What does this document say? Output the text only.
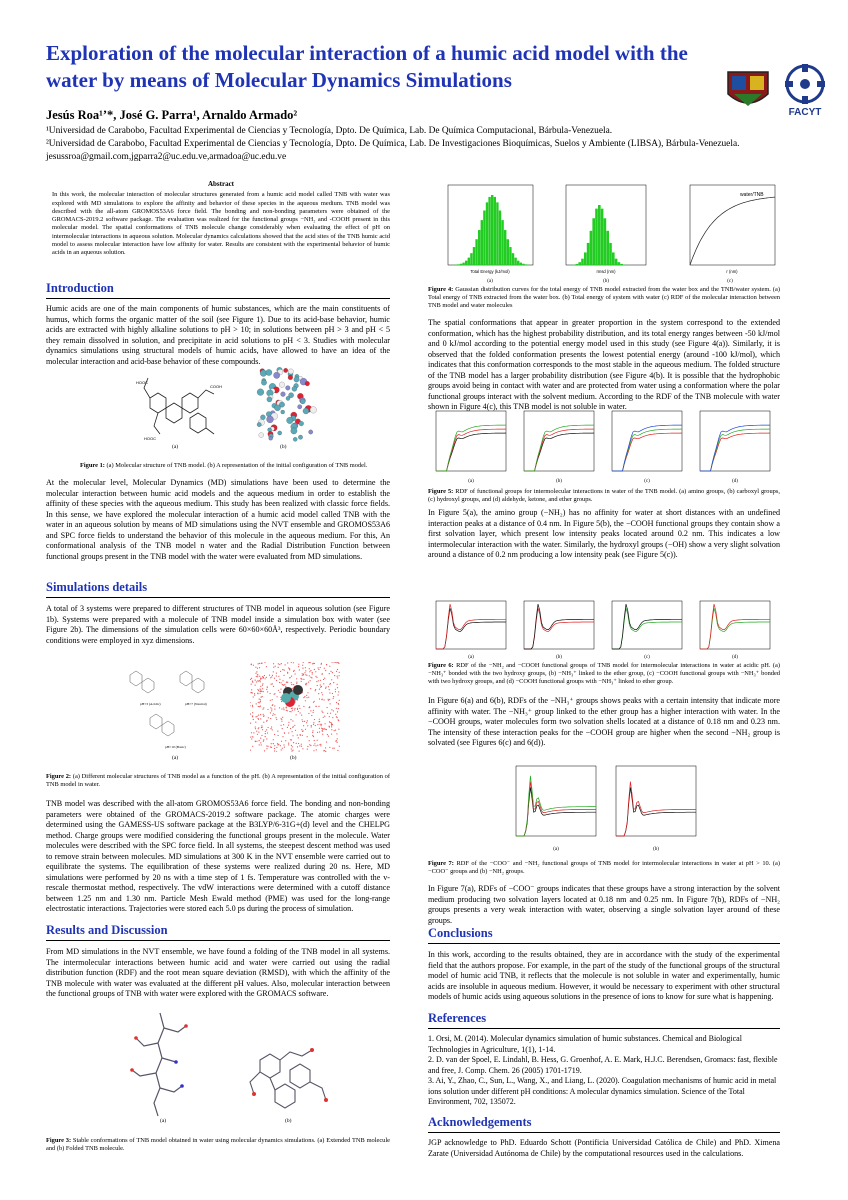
Exploration of the molecular interaction of a humic acid model with the water by means of Molecular Dynamics Simulations
FACYT
Jesús Roa¹ʼ*, José G. Parra¹, Arnaldo Armado²
¹Universidad de Carabobo, Facultad Experimental de Ciencias y Tecnología, Dpto. De Química, Lab. De Química Computacional, Bárbula-Venezuela.
²Universidad de Carabobo, Facultad Experimental de Ciencias y Tecnología, Dpto. De Química, Lab. De Investigaciones Bioquímicas, Suelos y Ambiente (LIBSA), Bárbula-Venezuela.
jesussroa@gmail.com,jgparra2@uc.edu.ve,armadoa@uc.edu.ve
Abstract
In this work, the molecular interaction of molecular structures generated from a humic acid model called TNB with water was explored with MD simulations to explore the affinity and behavior of these species in the aqueous medium. TNB model was described with the all-atom GROMOS53A6 force field. The bonding and non-bonding parameters were obtained of the GROMACS-2019.2 software package. The evaluation was realized for the functional groups −NH₂ and -COOH present in this molecular model. The spatial conformations of TNB molecule change considerably when evaluating the effect of pH on intermolecular interactions in aqueous solution. Molecular dynamics calculations showed that the acid sites of the TNB humic acid model to assess molecular interaction have low affinity for water. Results are consistent with the experimental behavior of humic acids in an aqueous solution.
Introduction
Humic acids are one of the main components of humic substances, which are the main constituents of humus, which forms the organic matter of the soil (see Figure 1). Due to its acid-base behavior, humic acids are extracted with highly alkaline solutions to pH > 10; in solutions between pH > 3 and pH < 5 they remain dissolved in solution, and precipitate in acid solutions to pH < 3. Studies with molecular dynamics simulations using structural models of humic acids, have allowed to have an idea of the molecular interaction and acid-base behavior of these compounds.
HOOC
COOH
HOOC
(a)	(b)
Figure 1: (a) Molecular structure of TNB model. (b) A representation of the initial configuration of TNB model.
At the molecular level, Molecular Dynamics (MD) simulations have been used to determine the molecular interaction between humic acid models and the aqueous medium in order to establish the affinity of these species with the aqueous medium. This study has been realized with classic force fields. In this sense, we have explored the molecular interaction of a humic acid model called TNB with the water in an aqueous solution by means of MD simulations using the NVT ensemble and GROMOS53A6 and SPC force fields to understand the behavior of this molecule in the aqueous medium. For this, An conformational analysis of the TNB model n water and the Radial Distribution Function between functional groups present in the TNB model with the water were evaluated from MD simulations.
Simulations details
A total of 3 systems were prepared to different structures of TNB model in aqueous solution (see Figure 1b). Systems were prepared with a molecule of TNB model inside a simulation box with water (see Figure 2b). The dimensions of the simulation cells were 60×60×60Å³, respectively. Periodic boundary conditions were employed in xyz dimensions.
pH<3 (Acidic)	pH>7 (Neutral)
pH>10 (Basic)
(a)	(b)
Figure 2: (a) Different molecular structures of TNB model as a function of the pH. (b) A representation of the initial configuration of TNB model in water.
TNB model was described with the all-atom GROMOS53A6 force field. The bonding and non-bonding parameters were obtained of the GROMACS-2019.2 software package. The atomic charges were determined using the GAMESS-US software package at the B3LYP/6-31G+(d) level and the CHELPG method. Charge groups were modified considering the functional groups present in the molecule. Water molecules were described with the SPC force field. In all systems, the steepest descent method was used to remove strain between molecules. MD simulations at 300 K in the NVT ensemble were carried out to equilibrate the systems. The equilibration of these systems were realized during 20 ns. Here, MD simulations were performed by 20 ns with a time step of 1 fs. Temperature was controlled with the v-rescale thermostat method, respectively. The vdW interactions were determined with a cutoff distance between 1.25 nm and 1.30 nm. Particle Mesh Ewald method (PME) was used for the long-range electrostatic interactions. Trajectories were stored each 5.0 ps during the process of simulation.
Results and Discussion
From MD simulations in the NVT ensemble, we have found a folding of the TNB model in all systems. The intermolecular interactions between humic acid and water were carried out using the radial distribution function (RDF) and the root mean square deviation (RMSD), with which the affinity of the TNB molecule with water was evaluated at the different pH values. Also, molecular interaction between the functional groups of TNB with water were explored with the GROMACS software.
(a)	(b)
Figure 3: Stable conformations of TNB model obtained in water using molecular dynamics simulations. (a) Extended TNB molecule and (b) Folded TNB molecule.
(a)	(b)	(c)
Total Energy (kJ/mol)	rmsd (nm)	r (nm)
water/TNB
Figure 4: Gaussian distribution curves for the total energy of TNB model extracted from the water box and the TNB/water system. (a) Total energy of TNB extracted from the water box. (b) Total energy of system with water (c) RDF of the molecular interaction between TNB model and water molecules
The spatial conformations that appear in greater proportion in the system correspond to the extended conformation, which has the highest probability distribution, and its total energy ranges between -50 kJ/mol and 0 kJ/mol according to the potential energy model used in this study (see Figure 4(a)). Similarly, it is observed that the folded conformation presents the lowest potential energy (around -100 kJ/mol), which indicates that this conformation corresponds to the most stable in the aqueous medium. The folded structure of the TNB model has a larger probability distribution (see Figure 4(b). It is possible that the hydrophobic groups avoid being in contact with water and are protected from water using a conformation where the polar functional groups interact with the solvent medium. According to the RDF of the TNB molecule with water shown in Figure 4(c), this TNB model is not soluble in water.
(a)	(b)	(c)	(d)
Figure 5: RDF of functional groups for intermolecular interactions in water of the TNB model. (a) amino groups, (b) carboxyl groups, (c) hydroxyl groups, and (d) aldehyde, ketone, and ether groups.
In Figure 5(a), the amino group (−NH₂) has no affinity for water at short distances with an undefined interaction peaks at a distance of 0.4 nm. In Figure 5(b), the −COOH functional groups they contain show a first solvation layer, which present low intensity peaks located around 0.2 nm. This indicates a low intermolecular interaction with the water. Similarly, the hydroxyl groups (−OH) show a very slight solvation around a distance of 0.2 nm producing a low intensity peak (see Figure 5(c)).
(a)	(b)	(c)	(d)
Figure 6: RDF of the −NH₂ and −COOH functional groups of TNB model for intermolecular interactions in water at acidic pH. (a) −NH₃⁺ bonded with the two hydroxy groups, (b) −NH₃⁺ linked to the ether group, (c) −COOH functional groups with −NH₃⁺ bonded with two hydroxy groups, and (d) −COOH functional groups with −NH₃⁺ linked to ether group.
In Figure 6(a) and 6(b), RDFs of the −NH₃⁺ groups shows peaks with a certain intensity that indicate more affinity with water. The −NH₃⁺ group linked to the ether group has a higher interaction with water. In the −COOH groups, water molecules form two solvation shells located at a distance of 0.18 nm and 0.23 nm. The intensity of these interaction peaks for the −COOH group are higher when the second −NH₂ group is solvated (see Figures 6(c) and 6(d)).
(a)	(b)
Figure 7: RDF of the −COO⁻ and −NH₂ functional groups of TNB model for intermolecular interactions in water at pH > 10. (a) −COO⁻ groups and (b) −NH₂ groups.
In Figure 7(a), RDFs of −COO⁻ groups indicates that these groups have a strong interaction by the solvent medium producing two solvation layers located at 0.18 nm and 0.25 nm. In Figure 7(b), RDFs of −NH₂ groups presents a very weak interaction with water, observing a single solvation layer around of these groups.
Conclusions
In this work, according to the results obtained, they are in accordance with the study of the experimental field that the authors propose. For example, in the part of the study of the functional groups of the structural model of humic acid TNB, it reflects that the molecule is not soluble in water and experimentally, humic acids are insoluble in aqueous medium. However, it would be necessary to experiment with other structural models of humic acids using aqueous solutions in the presence of ions to know for sure what is happening.
References
1. Orsi, M. (2014). Molecular dynamics simulation of humic substances. Chemical and Biological Technologies in Agriculture, 1(1), 1-14.
2. D. van der Spoel, E. Lindahl, B. Hess, G. Groenhof, A. E. Mark, H.J.C. Berendsen, Gromacs: fast, flexible and free, J. Comp. Chem. 26 (2005) 1701-1719.
3. Ai, Y., Zhao, C., Sun, L., Wang, X., and Liang, L. (2020). Coagulation mechanisms of humic acid in metal ions solution under different pH conditions: A molecular dynamics simulation. Science of the Total Environment, 702, 135072.
Acknowledgements
JGP acknowledge to PhD. Eduardo Schott (Pontificia Universidad Católica de Chile) and PhD. Ximena Zarate (Universidad Autónoma de Chile) by the computational resources used in the calculations.
